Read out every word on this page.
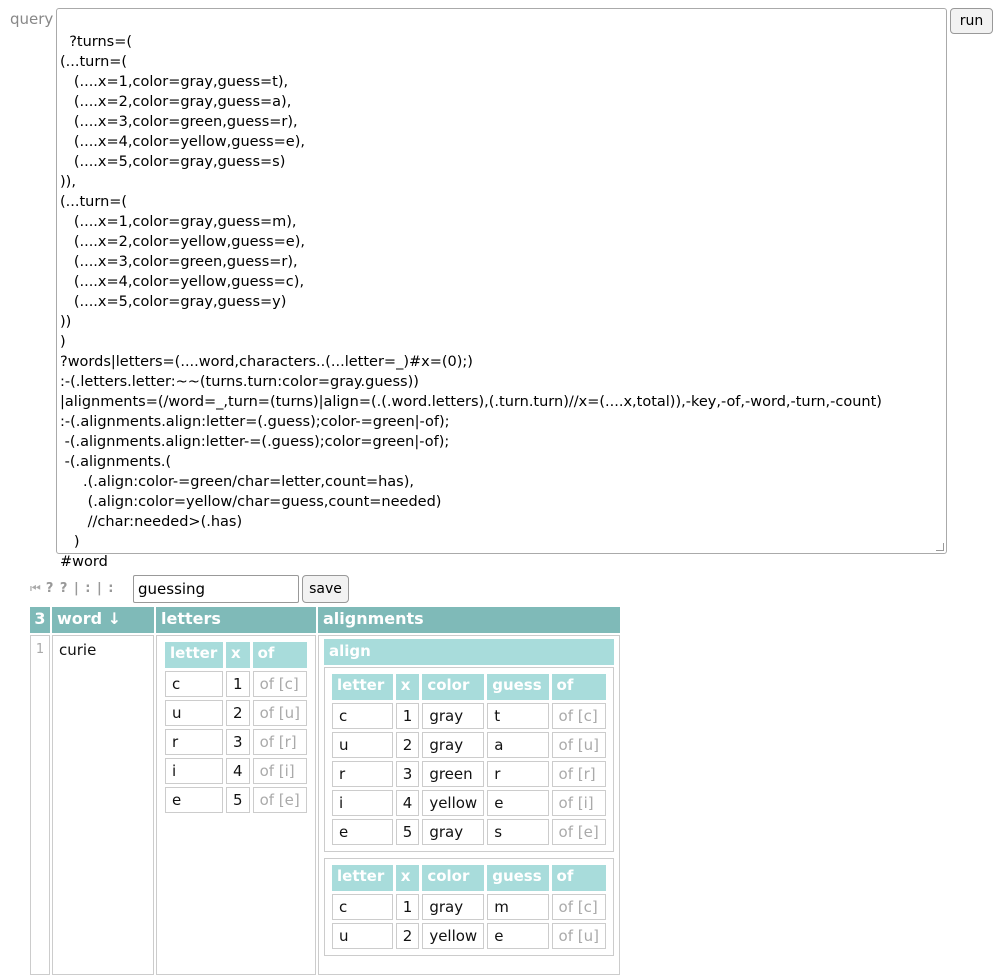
query

?turns=(
(...turn=(
(....x=1,color=gray,guess=t),
(....x=2,color=gray,guess=a),
(....x=3,color=green,guess=r),
(....x=4,color=yellow,guess=e),
(....x=5,color=gray,guess=s)
)),
(...turn=(
(....x=1,color=gray,guess=m),
(....x=2,color=yellow,guess=e),
(....x=3,color=green,guess=r),
(....x=4,color=yellow,guess=c),
(....x=5,color=gray,guess=y)
))
)
?words|letters=(....word,characters..(...letter=_)#x=(0);)
:-(.letters.letter:~~(turns.turn:color=gray.guess))
|alignments=(/word=_,turn=(turns)|align=(.(.word.letters),(.turn.turn)//x=(....x,total)),-key,-of,-word,-turn,-count)
:-(.alignments.align:letter=(.guess);color-=green|-of);
-(.alignments.align:letter-=(.guess);color=green|-of);
-(.alignments.(
.(.align:color-=green/char=letter,count=has),
(.align:color=yellow/char=guess,count=needed)
//char:needed>(.has)
)
#word

run
⏮ ? ? | : | :
guessing	save
3	word ↓	letters	alignments
1	curie		letter	x	of
c	1	of [c]
u	2	of [u]
r	3	of [r]
i	4	of [i]
e	5	of [e]

align
letter	x	color	guess	of
c	1	gray	t	of [c]
u	2	gray	a	of [u]
r	3	green	r	of [r]
i	4	yellow	e	of [i]
e	5	gray	s	of [e]
letter	x	color	guess	of
c	1	gray	m	of [c]
u	2	yellow	e	of [u]
